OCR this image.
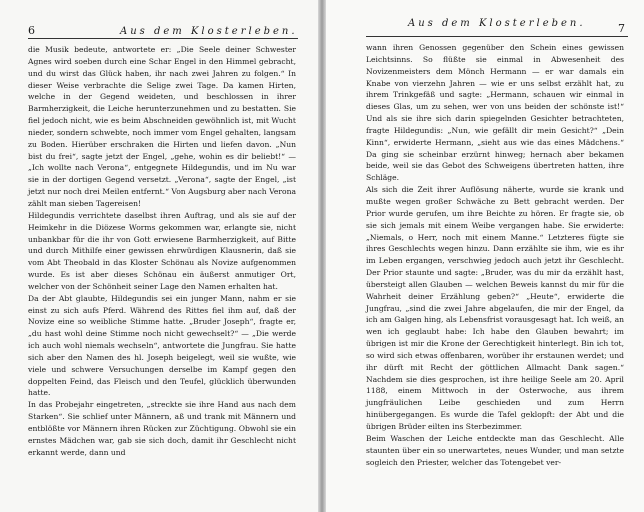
6	Aus dem Klosterleben.
die Musik bedeute, antwortete er: „Die Seele deiner Schwester Agnes wird soeben durch eine Schar Engel in den Himmel gebracht, und du wirst das Glück haben, ihr nach zwei Jahren zu folgen.“ In dieser Weise verbrachte die Selige zwei Tage. Da kamen Hirten, welche in der Gegend weideten, und beschlossen in ihrer Barmherzigkeit, die Leiche herunterzunehmen und zu bestatten. Sie fiel jedoch nicht, wie es beim Abschneiden gewöhnlich ist, mit Wucht nieder, sondern schwebte, noch immer vom Engel gehalten, langsam zu Boden. Hierüber erschraken die Hirten und liefen davon. „Nun bist du frei“, sagte jetzt der Engel, „gehe, wohin es dir beliebt!“ — „Ich wollte nach Verona“, entgegnete Hildegundis, und im Nu war sie in der dortigen Gegend versetzt. „Verona“, sagte der Engel, „ist jetzt nur noch drei Meilen entfernt.“ Von Augsburg aber nach Verona zählt man sieben Tagereisen!
Hildegundis verrichtete daselbst ihren Auftrag, und als sie auf der Heimkehr in die Diözese Worms gekommen war, erlangte sie, nicht unbankbar für die ihr von Gott erwiesene Barmherzigkeit, auf Bitte und durch Mithilfe einer gewissen ehrwürdigen Klausnerin, daß sie vom Abt Theobald in das Kloster Schönau als Novize aufgenommen wurde. Es ist aber dieses Schönau ein äußerst anmutiger Ort, welcher von der Schönheit seiner Lage den Namen erhalten hat.
Da der Abt glaubte, Hildegundis sei ein junger Mann, nahm er sie einst zu sich aufs Pferd. Während des Rittes fiel ihm auf, daß der Novize eine so weibliche Stimme hatte. „Bruder Joseph“, fragte er, „du hast wohl deine Stimme noch nicht gewechselt?“ — „Die werde ich auch wohl niemals wechseln“, antwortete die Jungfrau. Sie hatte sich aber den Namen des hl. Joseph beigelegt, weil sie wußte, wie viele und schwere Versuchungen derselbe im Kampf gegen den doppelten Feind, das Fleisch und den Teufel, glücklich überwunden hatte.
In das Probejahr eingetreten, „streckte sie ihre Hand aus nach dem Starken“. Sie schlief unter Männern, aß und trank mit Männern und entblößte vor Männern ihren Rücken zur Züchtigung. Obwohl sie ein ernstes Mädchen war, gab sie sich doch, damit ihr Geschlecht nicht erkannt werde, dann und
Aus dem Klosterleben.	7
wann ihren Genossen gegenüber den Schein eines gewissen Leichtsinns. So flüßte sie einmal in Abwesenheit des Novizenmeisters dem Mönch Hermann — er war damals ein Knabe von vierzehn Jahren — wie er uns selbst erzählt hat, zu ihrem Trinkgefäß und sagte: „Hermann, schauen wir einmal in dieses Glas, um zu sehen, wer von uns beiden der schönste ist!“ Und als sie ihre sich darin spiegelnden Gesichter betrachteten, fragte Hildegundis: „Nun, wie gefällt dir mein Gesicht?“ „Dein Kinn“, erwiderte Hermann, „sieht aus wie das eines Mädchens.“ Da ging sie scheinbar erzürnt hinweg; hernach aber bekamen beide, weil sie das Gebot des Schweigens übertreten hatten, ihre Schläge.
Als sich die Zeit ihrer Auflösung näherte, wurde sie krank und mußte wegen großer Schwäche zu Bett gebracht werden. Der Prior wurde gerufen, um ihre Beichte zu hören. Er fragte sie, ob sie sich jemals mit einem Weibe vergangen habe. Sie erwiderte: „Niemals, o Herr, noch mit einem Manne.“ Letzteres fügte sie ihres Geschlechts wegen hinzu. Dann erzählte sie ihm, wie es ihr im Leben ergangen, verschwieg jedoch auch jetzt ihr Geschlecht. Der Prior staunte und sagte: „Bruder, was du mir da erzählt hast, übersteigt allen Glauben — welchen Beweis kannst du mir für die Wahrheit deiner Erzählung geben?“ „Heute“, erwiderte die Jungfrau, „sind die zwei Jahre abgelaufen, die mir der Engel, da ich am Galgen hing, als Lebensfrist vorausgesagt hat. Ich weiß, an wen ich geglaubt habe: Ich habe den Glauben bewahrt; im übrigen ist mir die Krone der Gerechtigkeit hinterlegt. Bin ich tot, so wird sich etwas offenbaren, worüber ihr erstaunen werdet; und ihr dürft mit Recht der göttlichen Allmacht Dank sagen.“ Nachdem sie dies gesprochen, ist ihre heilige Seele am 20. April 1188, einem Mittwoch in der Osterwoche, aus ihrem jungfräulichen Leibe geschieden und zum Herrn hinübergegangen. Es wurde die Tafel geklopft: der Abt und die übrigen Brüder eilten ins Sterbezimmer.
Beim Waschen der Leiche entdeckte man das Geschlecht. Alle staunten über ein so unerwartetes, neues Wunder, und man setzte sogleich den Priester, welcher das Totengebet ver-
